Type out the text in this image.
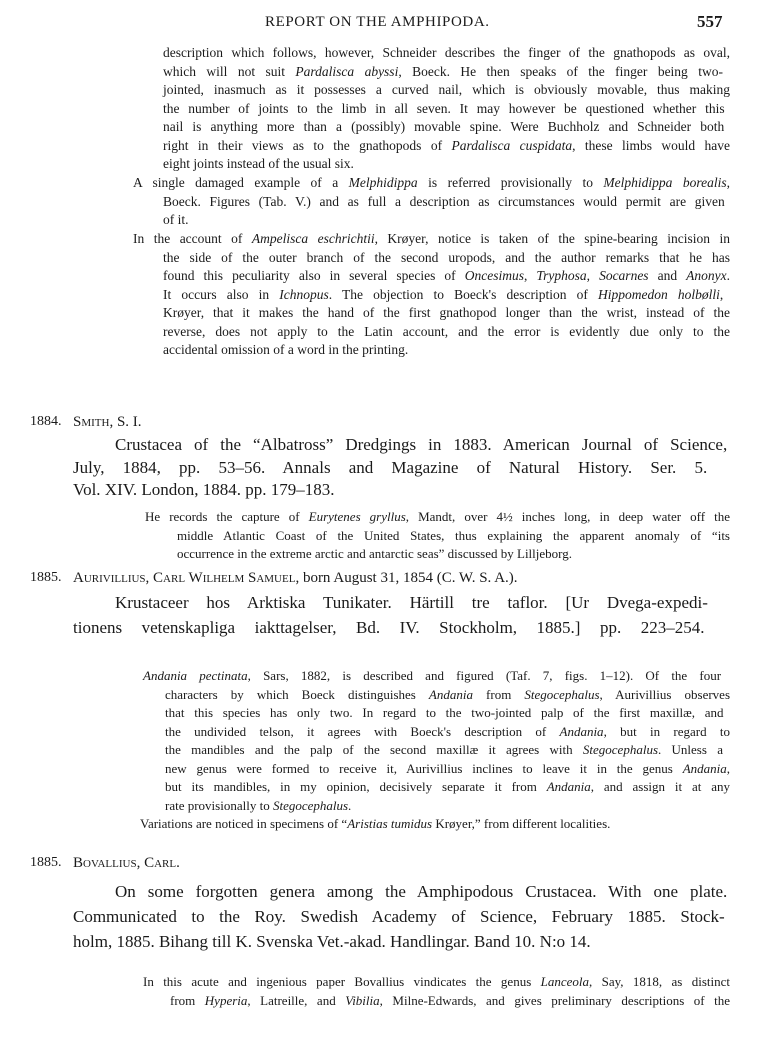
REPORT ON THE AMPHIPODA.	557
description which follows, however, Schneider describes the finger of the gnathopods as oval,
which will not suit Pardalisca abyssi, Boeck. He then speaks of the finger being two-
jointed, inasmuch as it possesses a curved nail, which is obviously movable, thus making
the number of joints to the limb in all seven. It may however be questioned whether this
nail is anything more than a (possibly) movable spine. Were Buchholz and Schneider both
right in their views as to the gnathopods of Pardalisca cuspidata, these limbs would have
eight joints instead of the usual six.
A single damaged example of a Melphidippa is referred provisionally to Melphidippa borealis,
Boeck. Figures (Tab. V.) and as full a description as circumstances would permit are given
of it.
In the account of Ampelisca eschrichtii, Krøyer, notice is taken of the spine-bearing incision in
the side of the outer branch of the second uropods, and the author remarks that he has
found this peculiarity also in several species of Oncesimus, Tryphosa, Socarnes and Anonyx.
It occurs also in Ichnopus. The objection to Boeck's description of Hippomedon holbølli,
Krøyer, that it makes the hand of the first gnathopod longer than the wrist, instead of the
reverse, does not apply to the Latin account, and the error is evidently due only to the
accidental omission of a word in the printing.
1884. Smith, S. I.
Crustacea of the “Albatross” Dredgings in 1883. American Journal of Science,
July, 1884, pp. 53–56. Annals and Magazine of Natural History. Ser. 5.
Vol. XIV. London, 1884. pp. 179–183.
He records the capture of Eurytenes gryllus, Mandt, over 4½ inches long, in deep water off the
middle Atlantic Coast of the United States, thus explaining the apparent anomaly of “its
occurrence in the extreme arctic and antarctic seas” discussed by Lilljeborg.
1885. Aurivillius, Carl Wilhelm Samuel, born August 31, 1854 (C. W. S. A.).
Krustaceer hos Arktiska Tunikater. Härtill tre taflor. [Ur Dvega-expedi-
tionens vetenskapliga iakttagelser, Bd. IV. Stockholm, 1885.] pp. 223–254.
Andania pectinata, Sars, 1882, is described and figured (Taf. 7, figs. 1–12). Of the four
characters by which Boeck distinguishes Andania from Stegocephalus, Aurivillius observes
that this species has only two. In regard to the two-jointed palp of the first maxillæ, and
the undivided telson, it agrees with Boeck's description of Andania, but in regard to
the mandibles and the palp of the second maxillæ it agrees with Stegocephalus. Unless a
new genus were formed to receive it, Aurivillius inclines to leave it in the genus Andania,
but its mandibles, in my opinion, decisively separate it from Andania, and assign it at any
rate provisionally to Stegocephalus.
Variations are noticed in specimens of “Aristias tumidus Krøyer,” from different localities.
1885. Bovallius, Carl.
On some forgotten genera among the Amphipodous Crustacea. With one plate.
Communicated to the Roy. Swedish Academy of Science, February 1885. Stock-
holm, 1885. Bihang till K. Svenska Vet.-akad. Handlingar. Band 10. N:o 14.
In this acute and ingenious paper Bovallius vindicates the genus Lanceola, Say, 1818, as distinct
from Hyperia, Latreille, and Vibilia, Milne-Edwards, and gives preliminary descriptions of the
